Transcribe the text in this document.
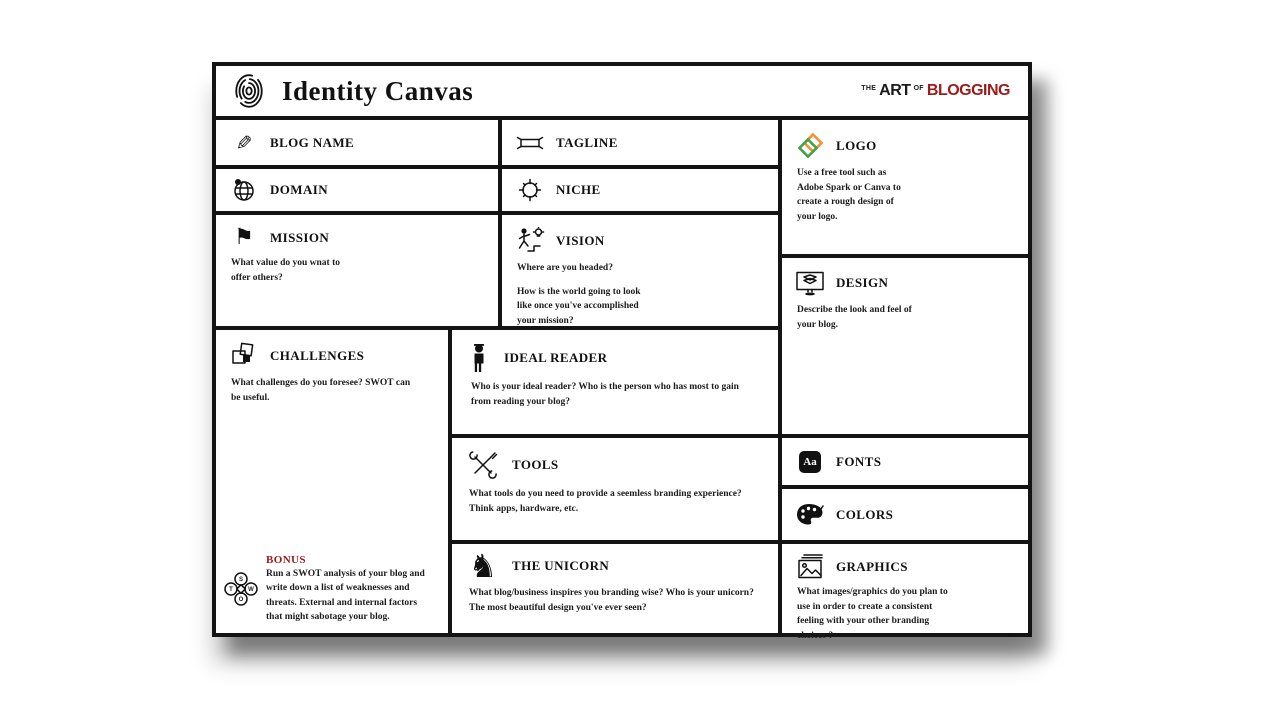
Identity Canvas	THE ART OF BLOGGING
✎	BLOG NAME	TAGLINE
DOMAIN	NICHE
⚑	MISSION
What value do you wnat to offer others?
VISION
Where are you headed?
How is the world going to look like once you've accomplished your mission?
LOGO
Use a free tool such as Adobe Spark or Canva to create a rough design of your logo.
DESIGN
Describe the look and feel of your blog.
Aa	FONTS
COLORS
GRAPHICS
What images/graphics do you plan to use in order to create a consistent feeling with your other branding choices ?
CHALLENGES
What challenges do you foresee? SWOT can be useful.
S
T	W
O
BONUS
Run a SWOT analysis of your blog and write down a list of weaknesses and threats. External and internal factors that might sabotage your blog.
IDEAL READER
Who is your ideal reader? Who is the person who has most to gain from reading your blog?
TOOLS
What tools do you need to provide a seemless branding experience? Think apps, hardware, etc.
♞ THE UNICORN
What blog/business inspires you branding wise? Who is your unicorn? The most beautiful design you've ever seen?
